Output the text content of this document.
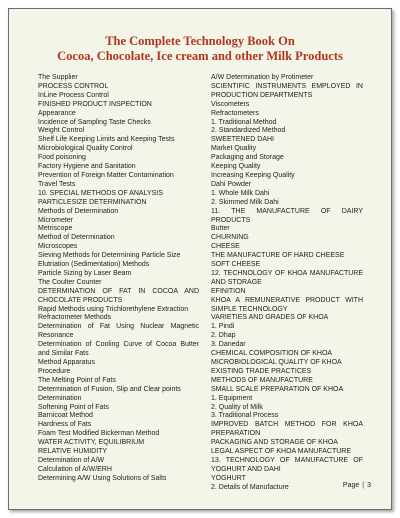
The Complete Technology Book On
Cocoa, Chocolate, Ice cream and other Milk Products
The Supplier
PROCESS CONTROL
InLine Process Control
FINISHED PRODUCT INSPECTION
Appearance
Incidence of Sampling Taste Checks
Weight Control
Shelf Life Keeping Limits and Keeping Tests
Microbiological Quality Control
Food poisoning
Factory Hygiene and Sanitation
Prevention of Foreign Matter Contamination
Travel Tests
10. SPECIAL METHODS OF ANALYSIS
PARTICLESIZE DETERMINATION
Methods of Determination
Micrometer
Metriscope
Method of Determination
Microscopes
Sieving Methods for Determining Particle Size
Elutriation (Sedimentation) Methods
Particle Sizing by Laser Beam
The Coulter Counter
DETERMINATION OF FAT IN COCOA AND CHOCOLATE PRODUCTS
Rapid Methods using Trichlorethylene Extraction
Refractometer Methods
Determination of Fat Using Nuclear Magnetic Resonance
Determination of Cooling Curve of Cocoa Butter and Similar Fats
Method Apparatus
Procedure
The Melting Point of Fats
Determination of Fusion, Slip and Clear points
Determination
Softening Point of Fats
Barnicoat Method
Hardness of Fats
Foam Test Modified Bickerman Method
WATER ACTIVITY, EQUILIBRIUM
RELATIVE HUMIDITY
Determination of A/W
Calculation of A/W/ERH
Determining A/W Using Solutions of Salts
A/W Determination by Protimeter
SCIENTIFIC INSTRUMENTS EMPLOYED IN PRODUCTION DEPARTMENTS
Viscometers
Refractometers
1. Traditional Method
2. Standardized Method
SWEETENED DAHI
Market Quality
Packaging and Storage
Keeping Quality
Increasing Keeping Quality
Dahi Powder
1. Whole Milk Dahi
2. Skimmed Milk Dahi
11. THE MANUFACTURE OF DAIRY PRODUCTS
Butter
CHURNING
CHEESE
THE MANUFACTURE OF HARD CHEESE
SOFT CHEESE
12. TECHNOLOGY OF KHOA MANUFACTURE AND STORAGE
EFINITION
KHOA A REMUNERATIVE PRODUCT WITH SIMPLE TECHNOLOGY
VARIETIES AND GRADES OF KHOA
1. Pindi
2. Dhap
3. Danedar
CHEMICAL COMPOSITION OF KHOA
MICROBIOLOGICAL QUALITY OF KHOA
EXISTING TRADE PRACTICES
METHODS OF MANUFACTURE
SMALL SCALE PREPARATION OF KHOA
1. Equipment
2. Quality of Milk
3. Traditional Process
IMPROVED BATCH METHOD FOR KHOA PREPARATION
PACKAGING AND STORAGE OF KHOA
LEGAL ASPECT OF KHOA MANUFACTURE
13. TECHNOLOGY OF MANUFACTURE OF YOGHURT AND DAHI
YOGHURT
2. Details of Manufacture	Page | 3
